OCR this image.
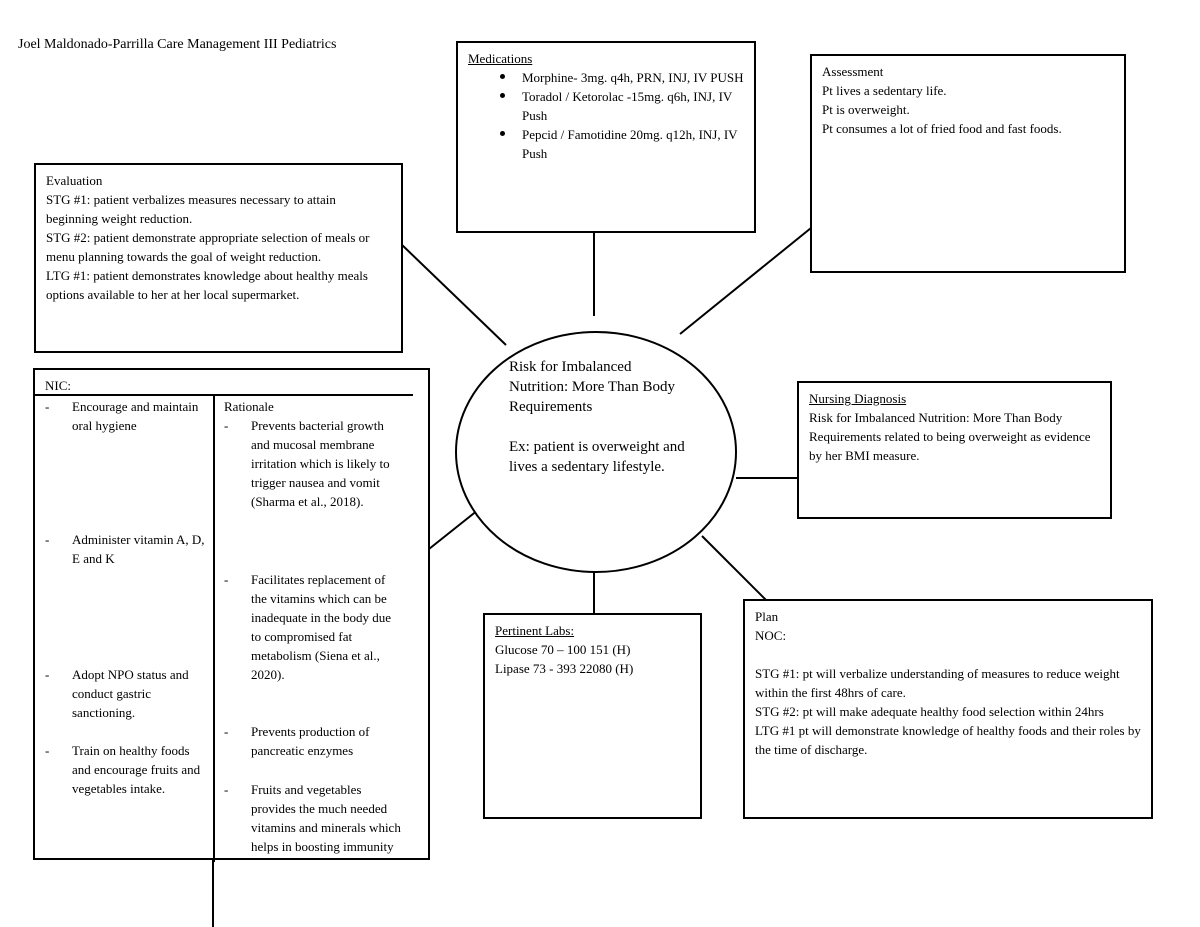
Joel Maldonado-Parrilla Care Management III Pediatrics
Medications
Morphine- 3mg. q4h, PRN, INJ, IV PUSH
Toradol / Ketorolac -15mg. q6h, INJ, IV Push
Pepcid / Famotidine 20mg. q12h, INJ, IV Push
Assessment

Pt lives a sedentary life.

Pt is overweight.

Pt consumes a lot of fried food and fast foods.

Evaluation

STG #1: patient verbalizes measures necessary to attain beginning weight reduction.

STG #2: patient demonstrate appropriate selection of meals or menu planning towards the goal of weight reduction.

LTG #1: patient demonstrates knowledge about healthy meals options available to her at her local supermarket.

Risk for Imbalanced Nutrition: More Than Body Requirements
Ex: patient is overweight and lives a sedentary lifestyle.
Nursing Diagnosis

Risk for Imbalanced Nutrition: More Than Body Requirements related to being overweight as evidence by her BMI measure.

NIC:
- Encourage and maintain oral hygiene
- Administer vitamin A, D, E and K
- Adopt NPO status and conduct gastric sanctioning.
- Train on healthy foods and encourage fruits and vegetables intake.
Rationale
- Prevents bacterial growth and mucosal membrane irritation which is likely to trigger nausea and vomit (Sharma et al., 2018).
- Facilitates replacement of the vitamins which can be inadequate in the body due to compromised fat metabolism (Siena et al., 2020).
- Prevents production of pancreatic enzymes
- Fruits and vegetables provides the much needed vitamins and minerals which helps in boosting immunity
Pertinent Labs:

Glucose 70 – 100 151 (H)

Lipase 73 - 393 22080 (H)

Plan
NOC:

STG #1: pt will verbalize understanding of measures to reduce weight within the first 48hrs of care.

STG #2: pt will make adequate healthy food selection within 24hrs

LTG #1 pt will demonstrate knowledge of healthy foods and their roles by the time of discharge.
